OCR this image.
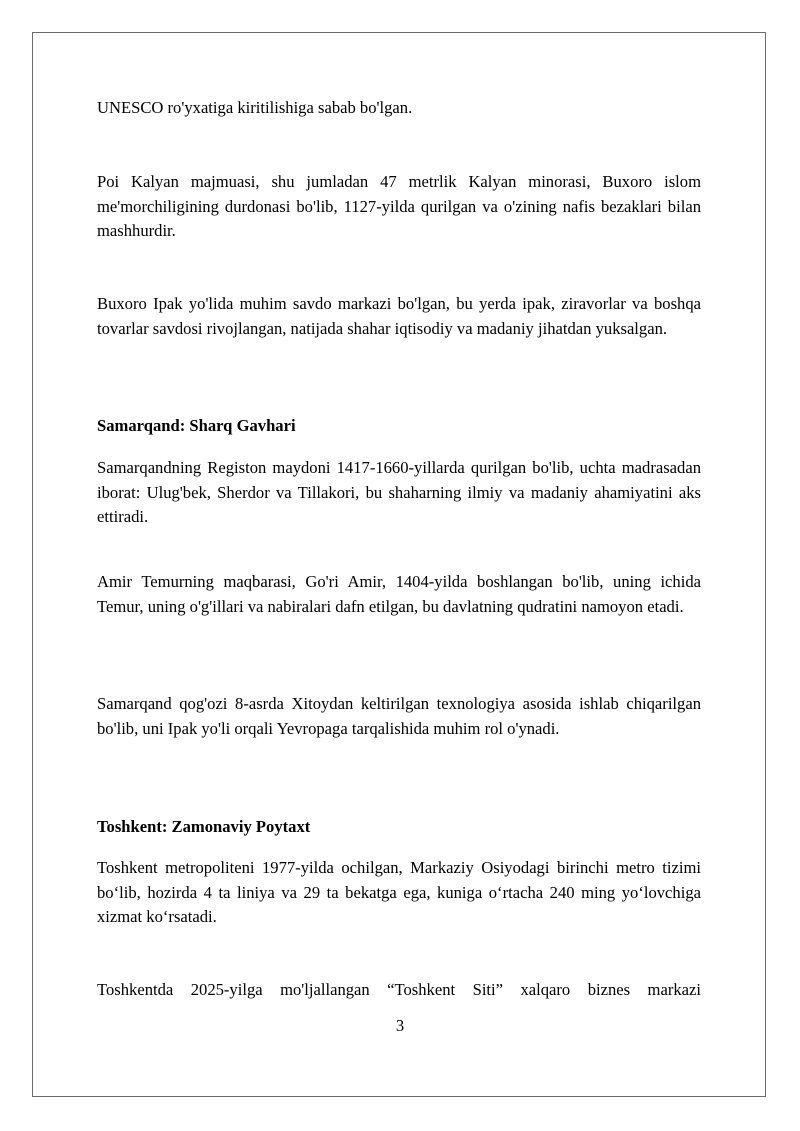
UNESCO ro'yxatiga kiritilishiga sabab bo'lgan.

Poi Kalyan majmuasi, shu jumladan 47 metrlik Kalyan minorasi, Buxoro islom me'morchiligining durdonasi bo'lib, 1127-yilda qurilgan va o'zining nafis bezaklari bilan mashhurdir.

Buxoro Ipak yo'lida muhim savdo markazi bo'lgan, bu yerda ipak, ziravorlar va boshqa tovarlar savdosi rivojlangan, natijada shahar iqtisodiy va madaniy jihatdan yuksalgan.

Samarqand: Sharq Gavhari

Samarqandning Registon maydoni 1417-1660-yillarda qurilgan bo'lib, uchta madrasadan iborat: Ulug'bek, Sherdor va Tillakori, bu shaharning ilmiy va madaniy ahamiyatini aks ettiradi.

Amir Temurning maqbarasi, Go'ri Amir, 1404-yilda boshlangan bo'lib, uning ichida Temur, uning o'g'illari va nabiralari dafn etilgan, bu davlatning qudratini namoyon etadi.

Samarqand qog'ozi 8-asrda Xitoydan keltirilgan texnologiya asosida ishlab chiqarilgan bo'lib, uni Ipak yo'li orqali Yevropaga tarqalishida muhim rol o'ynadi.

Toshkent: Zamonaviy Poytaxt

Toshkent metropoliteni 1977-yilda ochilgan, Markaziy Osiyodagi birinchi metro tizimi bo‘lib, hozirda 4 ta liniya va 29 ta bekatga ega, kuniga o‘rtacha 240 ming yo‘lovchiga xizmat ko‘rsatadi.

Toshkentda 2025-yilga mo'ljallangan “Toshkent Siti” xalqaro biznes markazi

3
